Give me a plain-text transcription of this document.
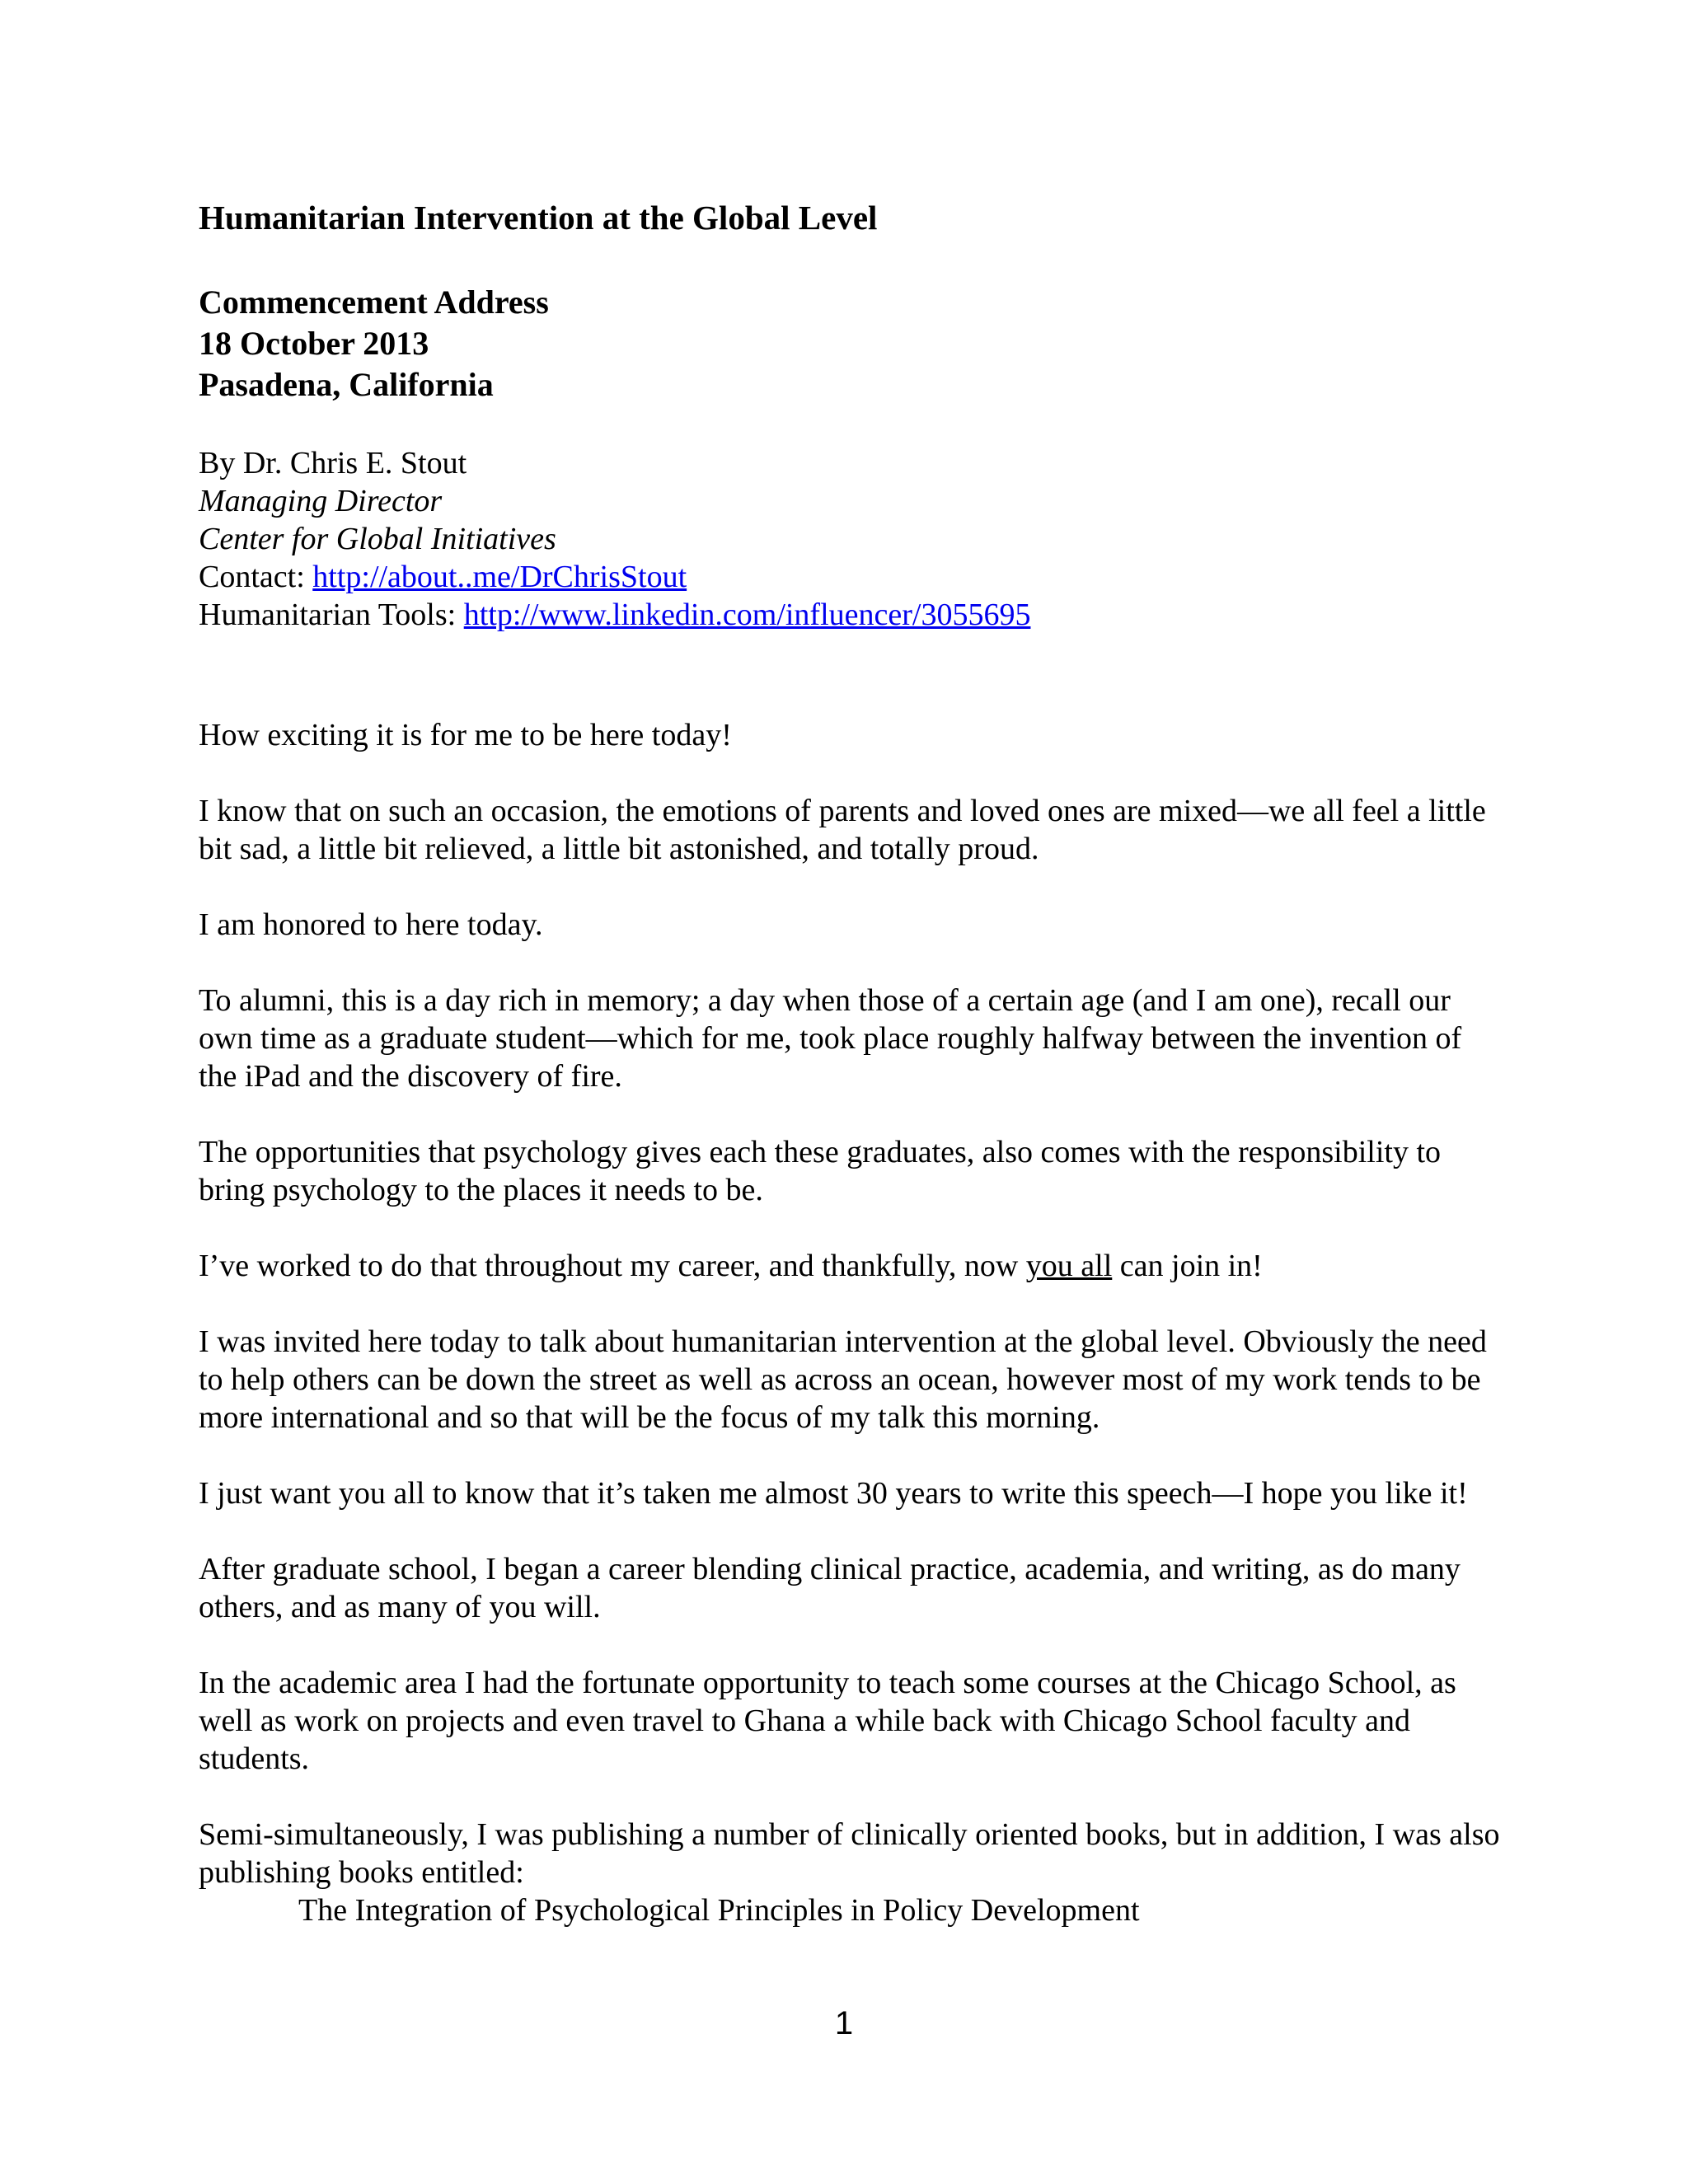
Humanitarian Intervention at the Global Level
Commencement Address
18 October 2013
Pasadena, California
By Dr. Chris E. Stout
Managing Director
Center for Global Initiatives
Contact: http://about..me/DrChrisStout
Humanitarian Tools: http://www.linkedin.com/influencer/3055695

How exciting it is for me to be here today!

I know that on such an occasion, the emotions of parents and loved ones are mixed—we all feel a little bit sad, a little bit relieved, a little bit astonished, and totally proud.

I am honored to here today.

To alumni, this is a day rich in memory; a day when those of a certain age (and I am one), recall our own time as a graduate student—which for me, took place roughly halfway between the invention of the iPad and the discovery of fire.

The opportunities that psychology gives each these graduates, also comes with the responsibility to bring psychology to the places it needs to be.

I’ve worked to do that throughout my career, and thankfully, now you all can join in!

I was invited here today to talk about humanitarian intervention at the global level. Obviously the need to help others can be down the street as well as across an ocean, however most of my work tends to be more international and so that will be the focus of my talk this morning.

I just want you all to know that it’s taken me almost 30 years to write this speech—I hope you like it!

After graduate school, I began a career blending clinical practice, academia, and writing, as do many others, and as many of you will.

In the academic area I had the fortunate opportunity to teach some courses at the Chicago School, as well as work on projects and even travel to Ghana a while back with Chicago School faculty and students.

Semi-simultaneously, I was publishing a number of clinically oriented books, but in addition, I was also publishing books entitled:

The Integration of Psychological Principles in Policy Development
1
